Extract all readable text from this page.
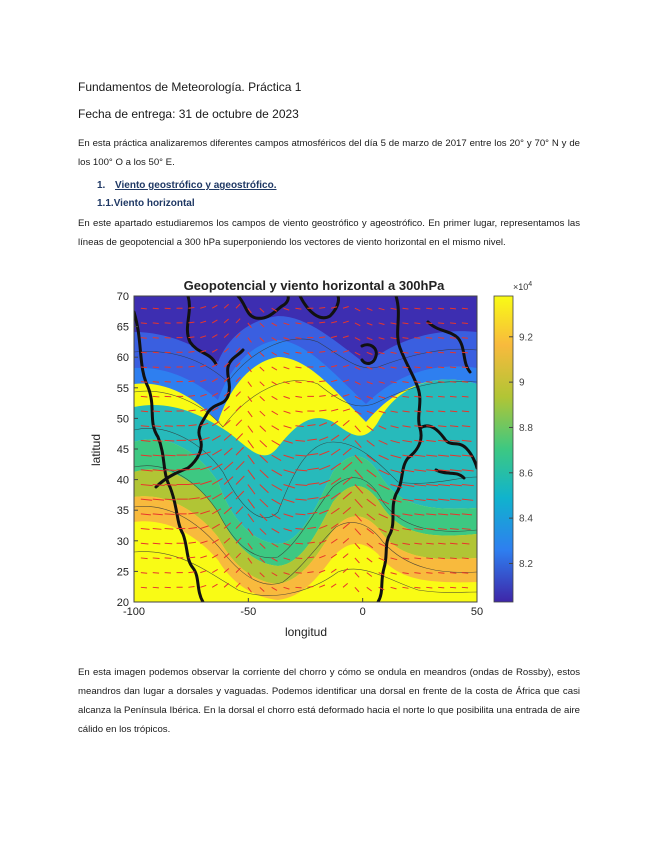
Fundamentos de Meteorología. Práctica 1
Fecha de entrega: 31 de octubre de 2023
En esta práctica analizaremos diferentes campos atmosféricos del día 5 de marzo de 2017 entre los 20° y 70° N y de los 100° O a los 50° E.
1. Viento geostrófico y ageostrófico.
1.1.Viento horizontal
En este apartado estudiaremos los campos de viento geostrófico y ageostrófico. En primer lugar, representamos las líneas de geopotencial a 300 hPa superponiendo los vectores de viento horizontal en el mismo nivel.
Geopotencial y viento horizontal a 300hPa
-100	-50	0	50
20
25
30
35
40
45
50
55
60
65
70
longitud
latitud
8.2
8.4
8.6
8.8
9
9.2
$\times 10^4$
En esta imagen podemos observar la corriente del chorro y cómo se ondula en meandros (ondas de Rossby), estos meandros dan lugar a dorsales y vaguadas. Podemos identificar una dorsal en frente de la costa de África que casi alcanza la Península Ibérica. En la dorsal el chorro está deformado hacia el norte lo que posibilita una entrada de aire cálido en los trópicos.
